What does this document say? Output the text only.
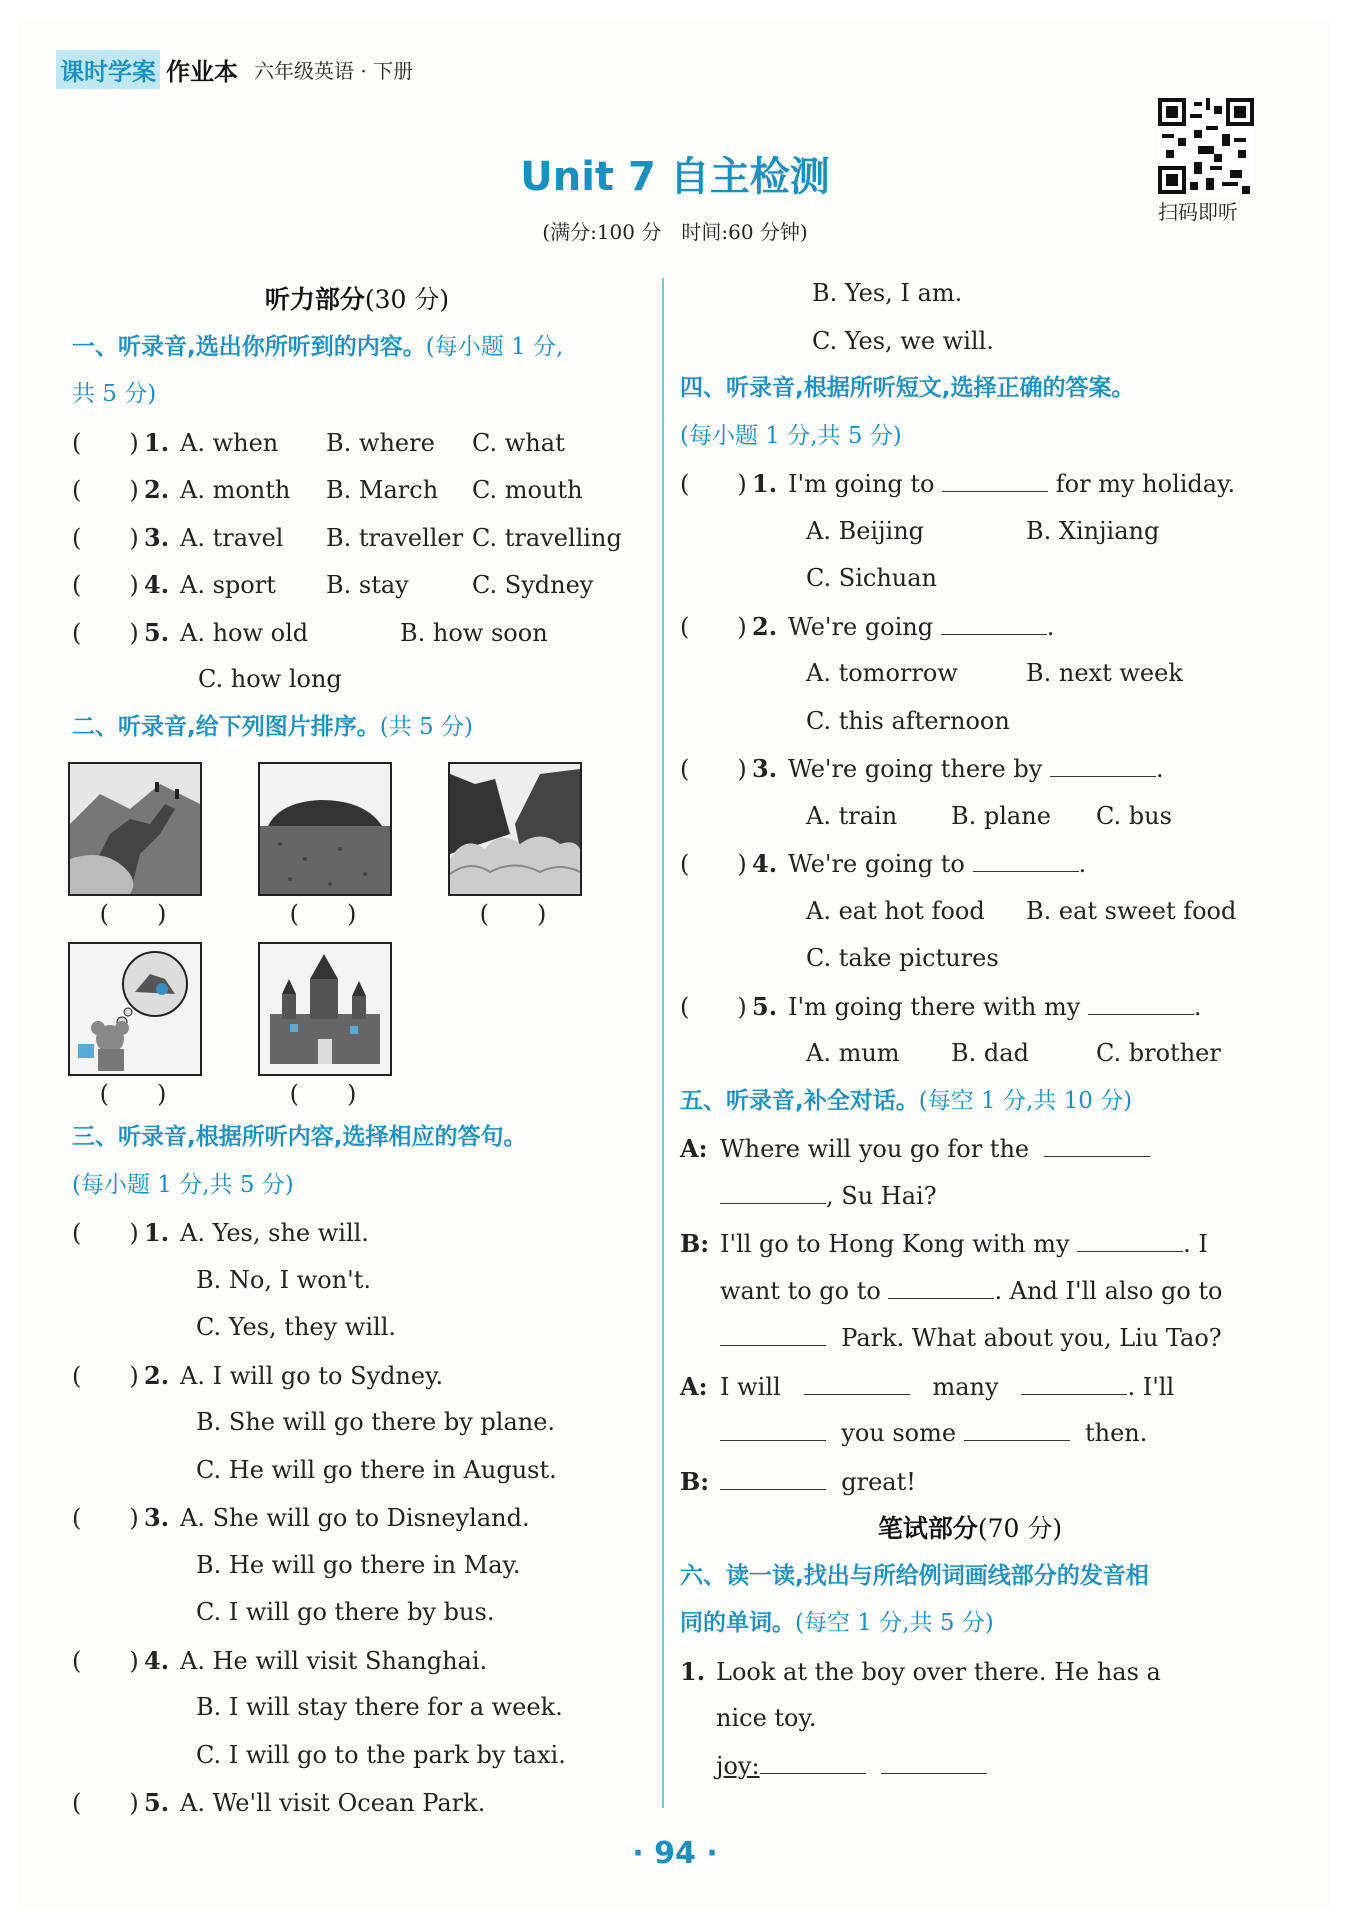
课时学案 作业本 六年级英语 · 下册
Unit 7 自主检测
(满分:100 分　时间:60 分钟)
扫码即听
听力部分(30 分)
一、听录音,选出你所听到的内容。(每小题 1 分,
共 5 分)
(　　) 1. A. when B. where C. what
(　　) 2. A. month B. March C. mouth
(　　) 3. A. travel B. traveller C. travelling
(　　) 4. A. sport B. stay	C. Sydney
(　　) 5. A. how old	B. how soon
C. how long
二、听录音,给下列图片排序。(共 5 分)
(　　)	(　　)	(　　)
(　　)	(　　)
三、听录音,根据所听内容,选择相应的答句。
(每小题 1 分,共 5 分)
(　　) 1. A. Yes, she will.
B. No, I won't.
C. Yes, they will.
(　　) 2. A. I will go to Sydney.
B. She will go there by plane.
C. He will go there in August.
(　　) 3. A. She will go to Disneyland.
B. He will go there in May.
C. I will go there by bus.
(　　) 4. A. He will visit Shanghai.
B. I will stay there for a week.
C. I will go to the park by taxi.
(　　) 5. A. We'll visit Ocean Park.
B. Yes, I am.
C. Yes, we will.
四、听录音,根据所听短文,选择正确的答案。
(每小题 1 分,共 5 分)
(　　) 1. I'm going to	for my holiday.
A. Beijing	B. Xinjiang
C. Sichuan
(　　) 2. We're going	.
A. tomorrow	B. next week
C. this afternoon
(　　) 3. We're going there by	.
A. train B. plane C. bus
(　　) 4. We're going to	.
A. eat hot food B. eat sweet food
C. take pictures
(　　) 5. I'm going there with my	.
A. mum B. dad	C. brother
五、听录音,补全对话。(每空 1 分,共 10 分)
A: Where will you go for the
, Su Hai?
B: I'll go to Hong Kong with my	. I
want to go to	. And I'll also go to
Park. What about you, Liu Tao?
A: I will	many	. I'll
you some	then.
B:	great!
笔试部分(70 分)
六、读一读,找出与所给例词画线部分的发音相
同的单词。(每空 1 分,共 5 分)
1. Look at the boy over there. He has a
nice toy.
joy:
· 94 ·
